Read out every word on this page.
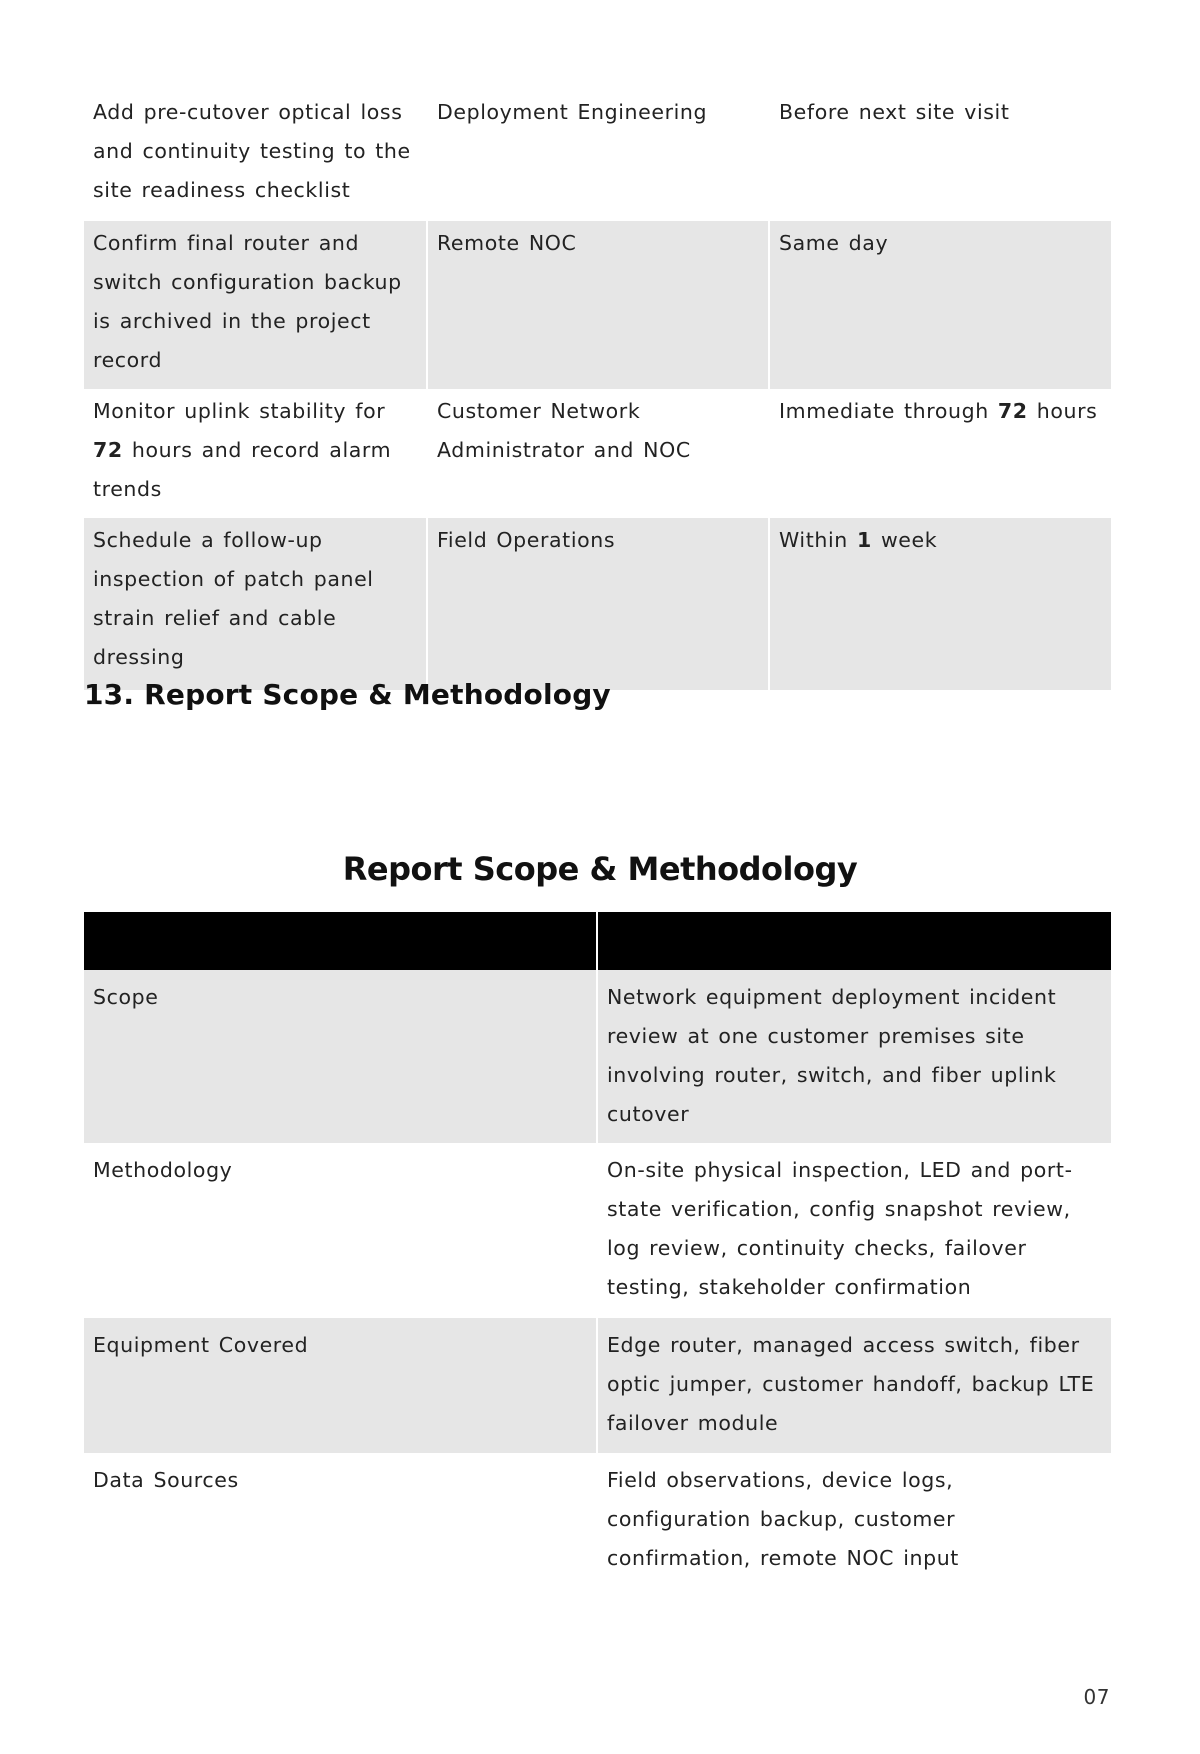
Add pre-cutover optical loss and continuity testing to the site readiness checklist	Deployment Engineering	Before next site visit
Confirm final router and switch configuration backup is archived in the project record	Remote NOC	Same day
Monitor uplink stability for 72 hours and record alarm trends	Customer Network Administrator and NOC	Immediate through 72 hours
Schedule a follow-up inspection of patch panel strain relief and cable dressing	Field Operations	Within 1 week
13. Report Scope & Methodology
Report Scope & Methodology

Scope	Network equipment deployment incident review at one customer premises site involving router, switch, and fiber uplink cutover
Methodology	On-site physical inspection, LED and port-state verification, config snapshot review, log review, continuity checks, failover testing, stakeholder confirmation
Equipment Covered	Edge router, managed access switch, fiber optic jumper, customer handoff, backup LTE failover module
Data Sources	Field observations, device logs, configuration backup, customer confirmation, remote NOC input
07
